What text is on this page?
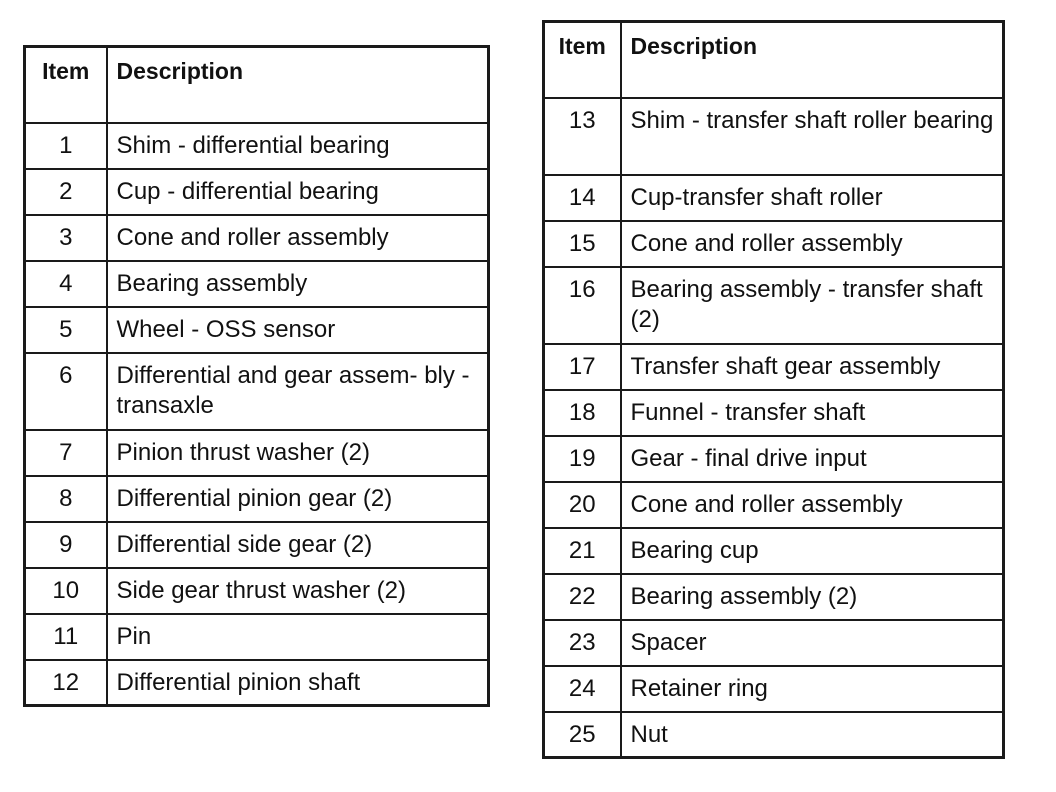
Item	Description
1	Shim - differential bearing
2	Cup - differential bearing
3	Cone and roller assembly
4	Bearing assembly
5	Wheel - OSS sensor
6	Differential and gear assem- bly - transaxle
7	Pinion thrust washer (2)
8	Differential pinion gear (2)
9	Differential side gear (2)
10	Side gear thrust washer (2)
11	Pin
12	Differential pinion shaft
Item	Description
13	Shim - transfer shaft roller bearing
14	Cup-transfer shaft roller
15	Cone and roller assembly
16	Bearing assembly - transfer shaft (2)
17	Transfer shaft gear assembly
18	Funnel - transfer shaft
19	Gear - final drive input
20	Cone and roller assembly
21	Bearing cup
22	Bearing assembly (2)
23	Spacer
24	Retainer ring
25	Nut
